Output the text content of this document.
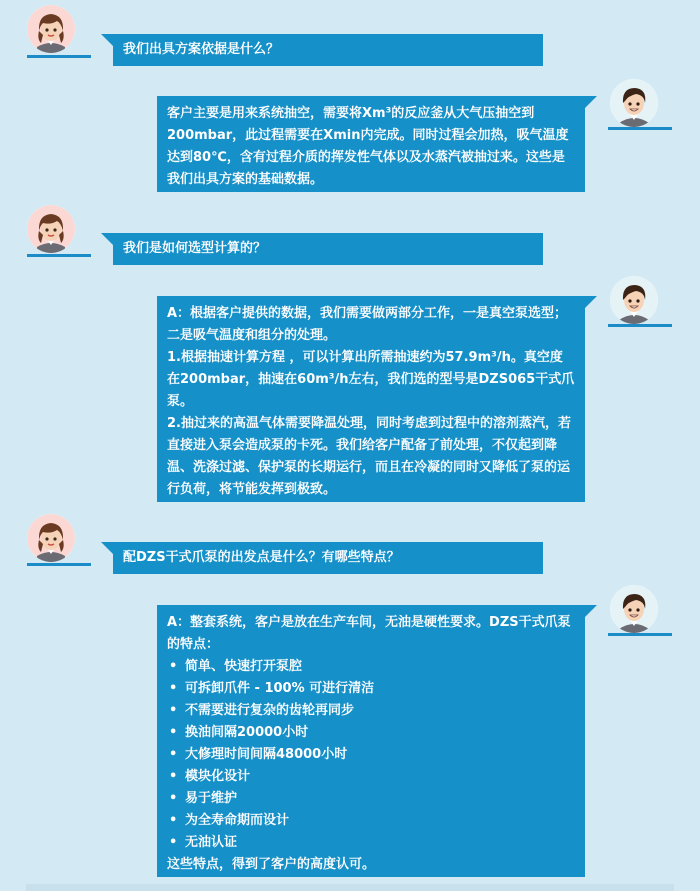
我们出具方案依据是什么？

客户主要是用来系统抽空，需要将Xm³的反应釜从大气压抽空到200mbar，此过程需要在Xmin内完成。同时过程会加热，吸气温度达到80℃，含有过程介质的挥发性气体以及水蒸汽被抽过来。这些是我们出具方案的基础数据。

我们是如何选型计算的？

A：根据客户提供的数据，我们需要做两部分工作，一是真空泵选型；二是吸气温度和组分的处理。

1.根据抽速计算方程 ，可以计算出所需抽速约为57.9m³/h。真空度在200mbar，抽速在60m³/h左右，我们选的型号是DZS065干式爪泵。

2.抽过来的高温气体需要降温处理，同时考虑到过程中的溶剂蒸汽，若直接进入泵会造成泵的卡死。我们给客户配备了前处理，不仅起到降温、洗涤过滤、保护泵的长期运行，而且在冷凝的同时又降低了泵的运行负荷，将节能发挥到极致。

配DZS干式爪泵的出发点是什么？有哪些特点？

A：整套系统，客户是放在生产车间，无油是硬性要求。DZS干式爪泵的特点：

• 简单、快速打开泵腔
• 可拆卸爪件 - 100% 可进行清洁
• 不需要进行复杂的齿轮再同步
• 换油间隔20000小时
• 大修理时间间隔48000小时
• 模块化设计
• 易于维护
• 为全寿命期而设计
• 无油认证

这些特点，得到了客户的高度认可。
